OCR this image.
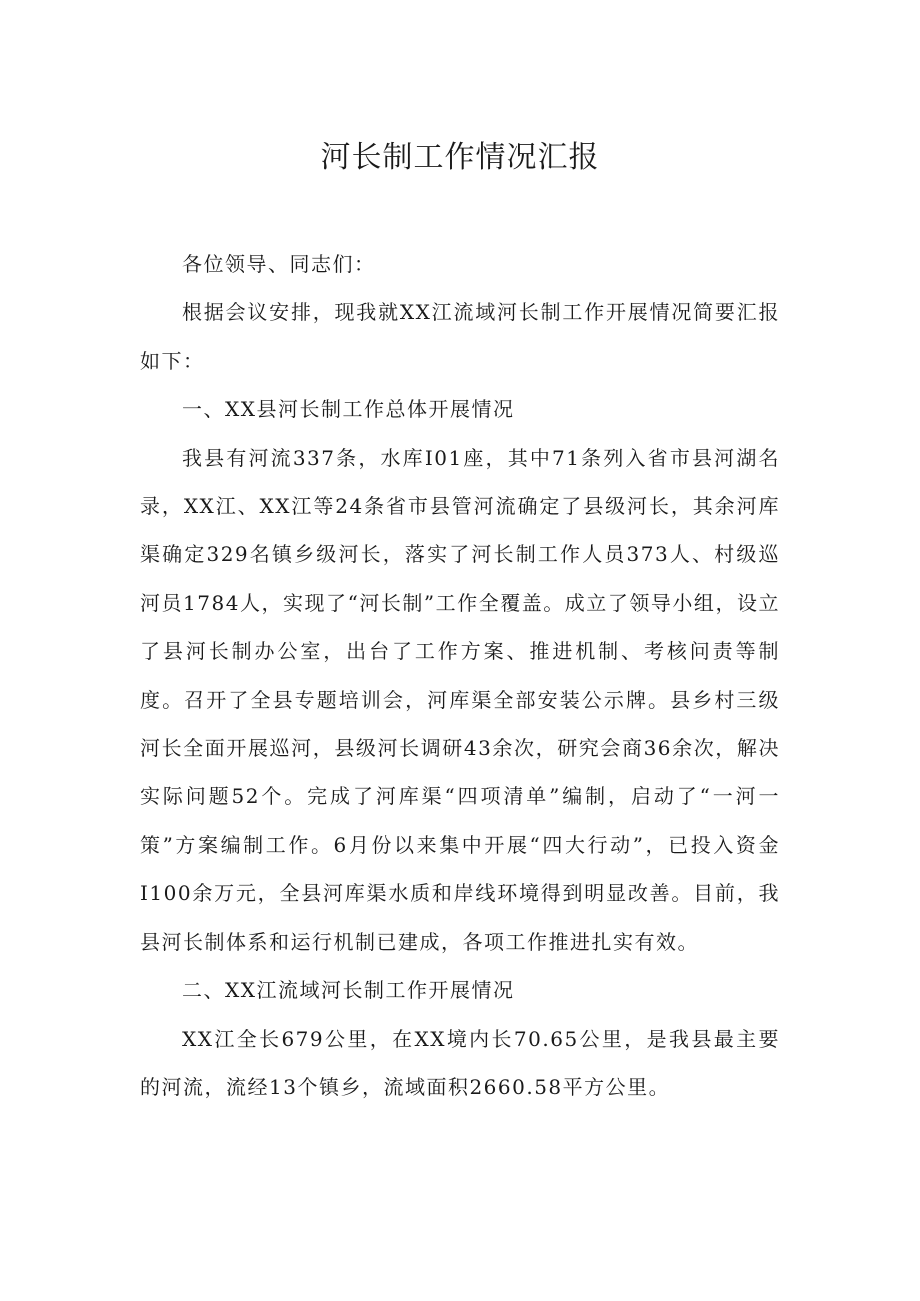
河长制工作情况汇报

各位领导、同志们：

根据会议安排，现我就XX江流域河长制工作开展情况简要汇报如下：

一、XX县河长制工作总体开展情况

我县有河流337条，水库I01座，其中71条列入省市县河湖名录，XX江、XX江等24条省市县管河流确定了县级河长，其余河库渠确定329名镇乡级河长，落实了河长制工作人员373人、村级巡河员1784人，实现了“河长制”工作全覆盖。成立了领导小组，设立了县河长制办公室，出台了工作方案、推进机制、考核问责等制度。召开了全县专题培训会，河库渠全部安装公示牌。县乡村三级河长全面开展巡河，县级河长调研43余次，研究会商36余次，解决实际问题52个。完成了河库渠“四项清单”编制，启动了“一河一策”方案编制工作。6月份以来集中开展“四大行动”，已投入资金I100余万元，全县河库渠水质和岸线环境得到明显改善。目前，我县河长制体系和运行机制已建成，各项工作推进扎实有效。

二、XX江流域河长制工作开展情况

XX江全长679公里，在XX境内长70.65公里，是我县最主要的河流，流经13个镇乡，流域面积2660.58平方公里。
